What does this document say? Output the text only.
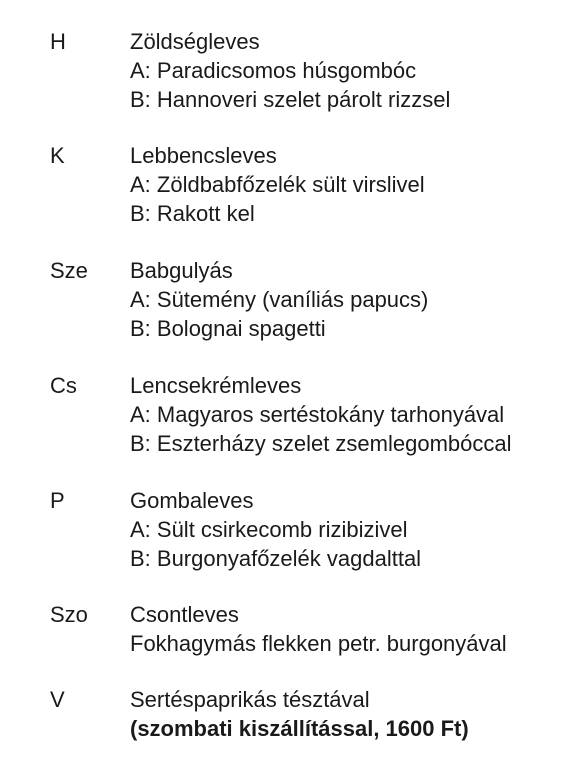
H	Zöldségleves
A: Paradicsomos húsgombóc
B: Hannoveri szelet párolt rizzsel
K	Lebbencsleves
A: Zöldbabfőzelék sült virslivel
B: Rakott kel
Sze Babgulyás
A: Sütemény (vaníliás papucs)
B: Bolognai spagetti
Cs Lencsekrémleves
A: Magyaros sertéstokány tarhonyával
B: Eszterházy szelet zsemlegombóccal
P	Gombaleves
A: Sült csirkecomb rizibizivel
B: Burgonyafőzelék vagdalttal
Szo Csontleves
Fokhagymás flekken petr. burgonyával
V	Sertéspaprikás tésztával
(szombati kiszállítással, 1600 Ft)
